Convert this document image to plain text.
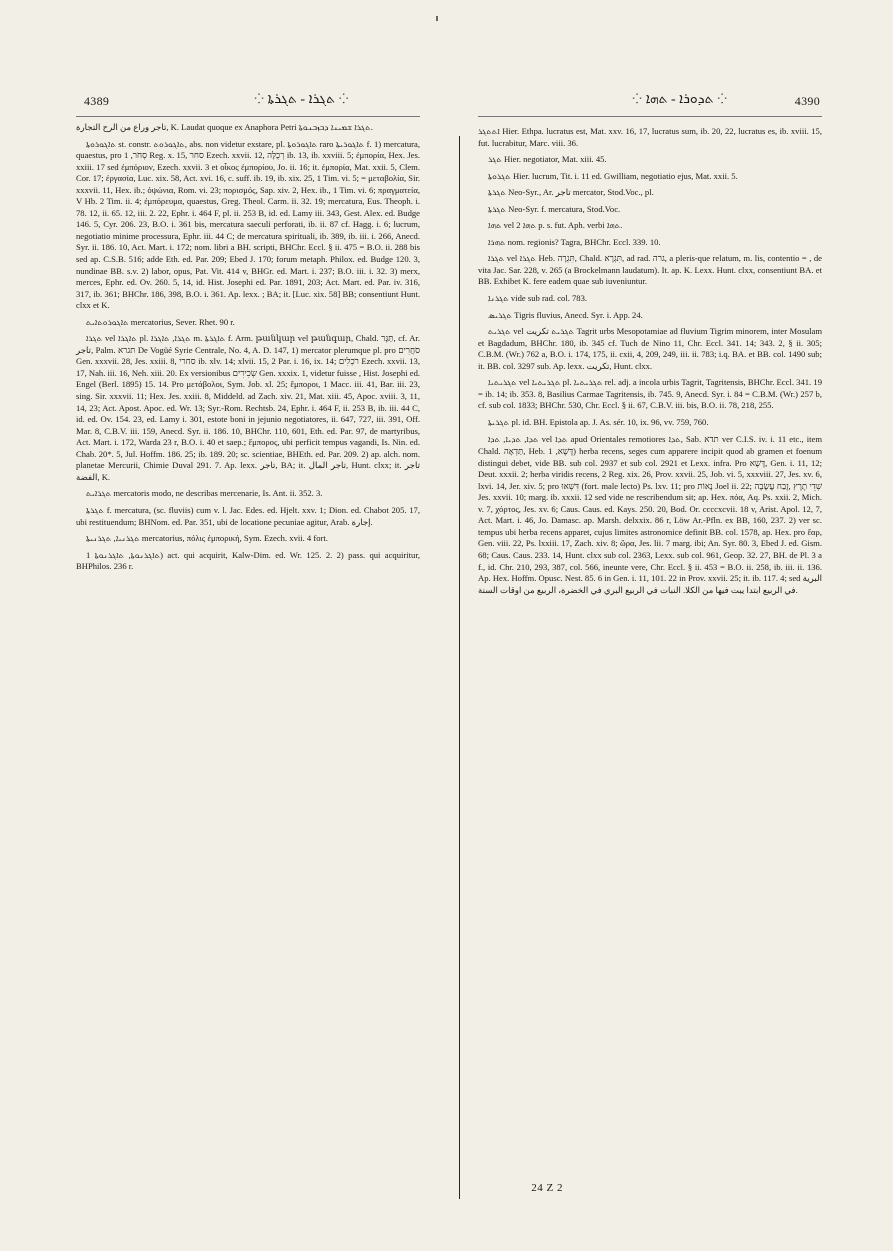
4389	⁘ ܬܓܪܐ - ܬܓܪܬܐ ⁘	⁘ ܬܕܘܪܐ - ܬܗܐ ⁘	4390

ﺗﺎﺟﺮ ﻭﺭﺍﻉ ﻣﻦ ﺍﻟﺮﺡ ﺍﻟﺘﺠﺎﺭﺓ, K. Laudat quoque ex Anaphora Petri ܬܓܪܐ ܫܡܝܢܐ ܕܒܙܒܢܘܬܐ.

ܬܐܓܘܪܘܬܐ st. constr. ܬܐܓܘܪܘܬ, abs. non videtur exstare, pl. ܬܐܓܘܪܘܬܐ raro ܬܐܓܘܪܝܬܐ f. 1) mercatura, quaestus, pro סְחֹר, 1 Reg. x. 15, סחר Ezech. xxvii. 12, רְכֻלָּה ib. 13, ib. xxviii. 5; ἐμπορία, Hex. Jes. xxiii. 17 sed ἐμπόριον, Ezech. xxvii. 3 et οἶκος ἐμπορίου, Jo. ii. 16; it. ἐμπορία, Mat. xxii. 5, Clem. Cor. 17; ἐργασία, Luc. xix. 58, Act. xvi. 16, c. suff. ib. 19, ib. xix. 25, 1 Tim. vi. 5; = μεταβολία, Sir. xxxvii. 11, Hex. ib.; ὀψώνια, Rom. vi. 23; πορισμός, Sap. xiv. 2, Hex. ib., 1 Tim. vi. 6; πραγματεία, V Hb. 2 Tim. ii. 4; ἐμπόρευμα, quaestus, Greg. Theol. Carm. ii. 32. 19; mercatura, Eus. Theoph. i. 78. 12, ii. 65. 12, iii. 2. 22, Ephr. i. 464 F, pl. ii. 253 B, id. ed. Lamy iii. 343, Gest. Alex. ed. Budge 146. 5, Cyr. 206. 23, B.O. i. 361 bis, mercatura saeculi perforati, ib. ii. 87 cf. Hagg. i. 6; lucrum, negotiatio minime processura, Ephr. iii. 44 C; de mercatura spirituali, ib. 389, ib. iii. i. 266, Anecd. Syr. ii. 186. 10, Act. Mart. i. 172; nom. libri a BH. scripti, BHChr. Eccl. § ii. 475 = B.O. ii. 288 bis sed ap. C.S.B. 516; adde Eth. ed. Par. 209; Ebed J. 170; forum metaph. Philox. ed. Budge 120. 3, nundinae BB. s.v. 2) labor, opus, Pat. Vit. 414 v, BHGr. ed. Mart. i. 237; B.O. iii. i. 32. 3) merx, merces, Ephr. ed. Ov. 260. 5, 14, id. Hist. Josephi ed. Par. 1891, 203; Act. Mart. ed. Par. iv. 316, 317, ib. 361; BHChr. 186, 398, B.O. i. 361. Ap. lexx. ; BA; it. [Luc. xix. 58] BB; consentiunt Hunt. clxx et K.

ܬܐܓܘܪܘܬܐܝܬ mercatorius, Sever. Rhet. 90 r.

ܬܓܪܐ vel ܬܐܓܪܐ pl. ܬܓܪܐ, ܬܐܓܪܐ m. ܬܐܓܪܬܐ f. Arm. թանկար vel թանգար, Chald. תַּגָּר, cf. Ar. تاجر, Palm. תגרא De Vogüé Syrie Centrale, No. 4, A. D. 147, 1) mercator plerumque pl. pro סֹחֲרִים Gen. xxxvii. 28, Jes. xxiii. 8, סחרי ib. xlv. 14; xlvii. 15, 2 Par. i. 16, ix. 14; רֹכְלִים Ezech. xxvii. 13, 17, Nah. iii. 16, Neh. xiii. 20. Ex versionibus שְׂכִירִים Gen. xxxix. 1, videtur fuisse , Hist. Josephi ed. Engel (Berl. 1895) 15. 14. Pro μετάβολοι, Sym. Job. xl. 25; ἔμποροι, 1 Macc. iii. 41, Bar. iii. 23, sing. Sir. xxxvii. 11; Hex. Jes. xxiii. 8, Middeld. ad Zach. xiv. 21, Mat. xiii. 45, Apoc. xviii. 3, 11, 14, 23; Act. Apost. Apoc. ed. Wr. 13; Syr.-Rom. Rechtsb. 24, Ephr. i. 464 F, ii. 253 B, ib. iii. 44 C, id. ed. Ov. 154. 23, ed. Lamy i. 301, estote boni in jejunio negotiatores, ii. 647, 727, iii. 391, Off. Mar. 8, C.B.V. iii. 159, Anecd. Syr. ii. 186. 10, BHChr. 110, 601, Eth. ed. Par. 97, de martyribus, Act. Mart. i. 172, Warda 23 r, B.O. i. 40 et saep.; ἔμπορος, ubi perficit tempus vagandi, Is. Nin. ed. Chab. 20*. 5, Jul. Hoffm. 186. 25; ib. 189. 20; sc. scientiae, BHEth. ed. Par. 209. 2) ap. alch. nom. planetae Mercurii, Chimie Duval 291. 7. Ap. lexx. تاجر, BA; it. تاجر المال, Hunt. clxx; it. تاجر الفضة, K.

ܬܓܪܐܝܬ mercatoris modo, ne describas mercenarie, Is. Ant. ii. 352. 3.

ܬܓܪܬܐ f. mercatura, (sc. fluviis) cum v. l. Jac. Edes. ed. Hjelt. xxv. 1; Dion. ed. Chabot 205. 17, ubi restituendum; BHNom. ed. Par. 351, ubi de locatione pecuniae agitur, Arab. إجارة.

ܬܓܪܢܝܐ, ܬܓܪܢܝܬܐ mercatorius, πόλις ἐμπορική, Sym. Ezech. xvii. 4 fort.

ܬܐܓܪܢܘܬܐ, ܬܐܓܪܢܘܬܐ 1) act. qui acquirit, Kalw-Dim. ed. Wr. 125. 2. 2) pass. qui acquiritur, BHPhilos. 236 r.

ܐܬܬܓܪ Hier. Ethpa. lucratus est, Mat. xxv. 16, 17, lucratus sum, ib. 20, 22, lucratus es, ib. xviii. 15, fut. lucrabitur, Marc. viii. 36.

ܬܓܪ Hier. negotiator, Mat. xiii. 45.

ܬܓܪܘܬܐ Hier. lucrum, Tit. i. 11 ed. Gwilliam, negotiatio ejus, Mat. xxii. 5.

ܬܓܪܬܐ Neo-Syr., Ar. تاجر mercator, Stod.Voc., pl.

ܬܓܪܬܐ Neo-Syr. f. mercatura, Stod.Voc.

ܬܗܐ vel ܬܗܐ 2 p. s. fut. Aph. verbi ܬܗܐ.

ܬܗܪܐ nom. regionis? Tagra, BHChr. Eccl. 339. 10.

ܬܓܪܐ vel ܬܓܪܐ Heb. תִּגְרָה, Chald. תִּגְרָא, ad rad. גרה, a pleris-que relatum, m. lis, contentio = , de vita Jac. Sar. 228, v. 265 (a Brockelmann laudatum). It. ap. K. Lexx. Hunt. clxx, consentiunt BA. et BB. Exhibet K. fere eadem quae sub iuveniuntur.

ܬܓܪܢܐ vide sub rad. col. 783.

ܬܓܪܝܣ Tigris fluvius, Anecd. Syr. i. App. 24.

ܬܓܪܝܬ vel ܬܓܪܝܬ تكريت Tagrit urbs Mesopotamiae ad fluvium Tigrim minorem, inter Mosulam et Bagdadum, BHChr. 180, ib. 345 cf. Tuch de Nino 11, Chr. Eccl. 341. 14; 343. 2, § ii. 305; C.B.M. (Wr.) 762 a, B.O. i. 174, 175, ii. cxii, 4, 209, 249, iii. ii. 783; i.q. BA. et BB. col. 1490 sub; it. BB. col. 3297 sub. Ap. lexx. تكريت, Hunt. clxx.

ܬܓܪܝܬܝܐ vel ܬܓܪܝܬܝܐ pl. ܬܓܪܝܬܝܐ rel. adj. a incola urbis Tagrit, Tagritensis, BHChr. Eccl. 341. 19 = ib. 14; ib. 353. 8, Basilius Carmae Tagritensis, ib. 745. 9, Anecd. Syr. i. 84 = C.B.M. (Wr.) 257 b, cf. sub col. 1833; BHChr. 530, Chr. Eccl. § ii. 67, C.B.V. iii. bis, B.O. ii. 78, 218, 255.

ܬܓܪܝܬܐ pl. id. BH. Epistola ap. J. As. sér. 10, ix. 96, vv. 759, 760.

ܬܕܐ, ܬܕܝܐ, ܬܕܐ vel ܬܕܐ apud Orientales remotiores ܬܕܐ, Sab. תדא ver C.I.S. iv. i. 11 etc., item Chald. תַּדְאָה, Heb. דֶּשֶׁא, 1) herba recens, seges cum apparere incipit quod ab gramen et foenum distingui debet, vide BB. sub col. 2937 et sub col. 2921 et Lexx. infra. Pro דֶּשֶׁא, Gen. i. 11, 12; Deut. xxxii. 2; herba viridis recens, 2 Reg. xix. 26, Prov. xxvii. 25, Job. vi. 5, xxxviii. 27, Jes. xv. 6, lxvi. 14, Jer. xiv. 5; pro דִּשְׁאוּ (fort. male lecto) Ps. lxv. 11; pro נָאוֹת Joel ii. 22; שְׁדֵי תֶרֶץ ,זֶבַח עֲשָׂבָה Jes. xxvii. 10; marg. ib. xxxii. 12 sed vide ne rescribendum sit; ap. Hex. πόα, Aq. Ps. xxii. 2, Mich. v. 7, χόρτος, Jes. xv. 6; Caus. Caus. ed. Kays. 250. 20, Bod. Or. ccccxcvii. 18 v, Arist. Apol. 12, 7, Act. Mart. i. 46, Jo. Damasc. ap. Marsh. delxxix. 86 r, Löw Ar.-Pfln. ex BB, 160, 237. 2) ver sc. tempus ubi herba recens apparet, cujus limites astronomice definit BB. col. 1578, ap. Hex. pro ἔαρ, Gen. viii. 22, Ps. lxxiii. 17, Zach. xiv. 8; ὥρα, Jes. lii. 7 marg. ibi; An. Syr. 80. 3, Ebed J. ed. Gism. 68; Caus. Caus. 233. 14, Hunt. clxx sub col. 2363, Lexx. sub col. 961, Geop. 32. 27, BH. de Pl. 3 a f., id. Chr. 210, 293, 387, col. 566, ineunte vere, Chr. Eccl. § ii. 453 = B.O. ii. 258, ib. iii. ii. 136. Ap. Hex. Hoffm. Opusc. Nest. 85. 6 in Gen. i. 11, 101. 22 in Prov. xxvii. 25; it. ib. 117. 4; sed البرية في الربيع ابتدا يبت فيها من الكلا. النبات في الربيع البري في الخضرة، الربيع من اوقات السنة.

24 Z 2
